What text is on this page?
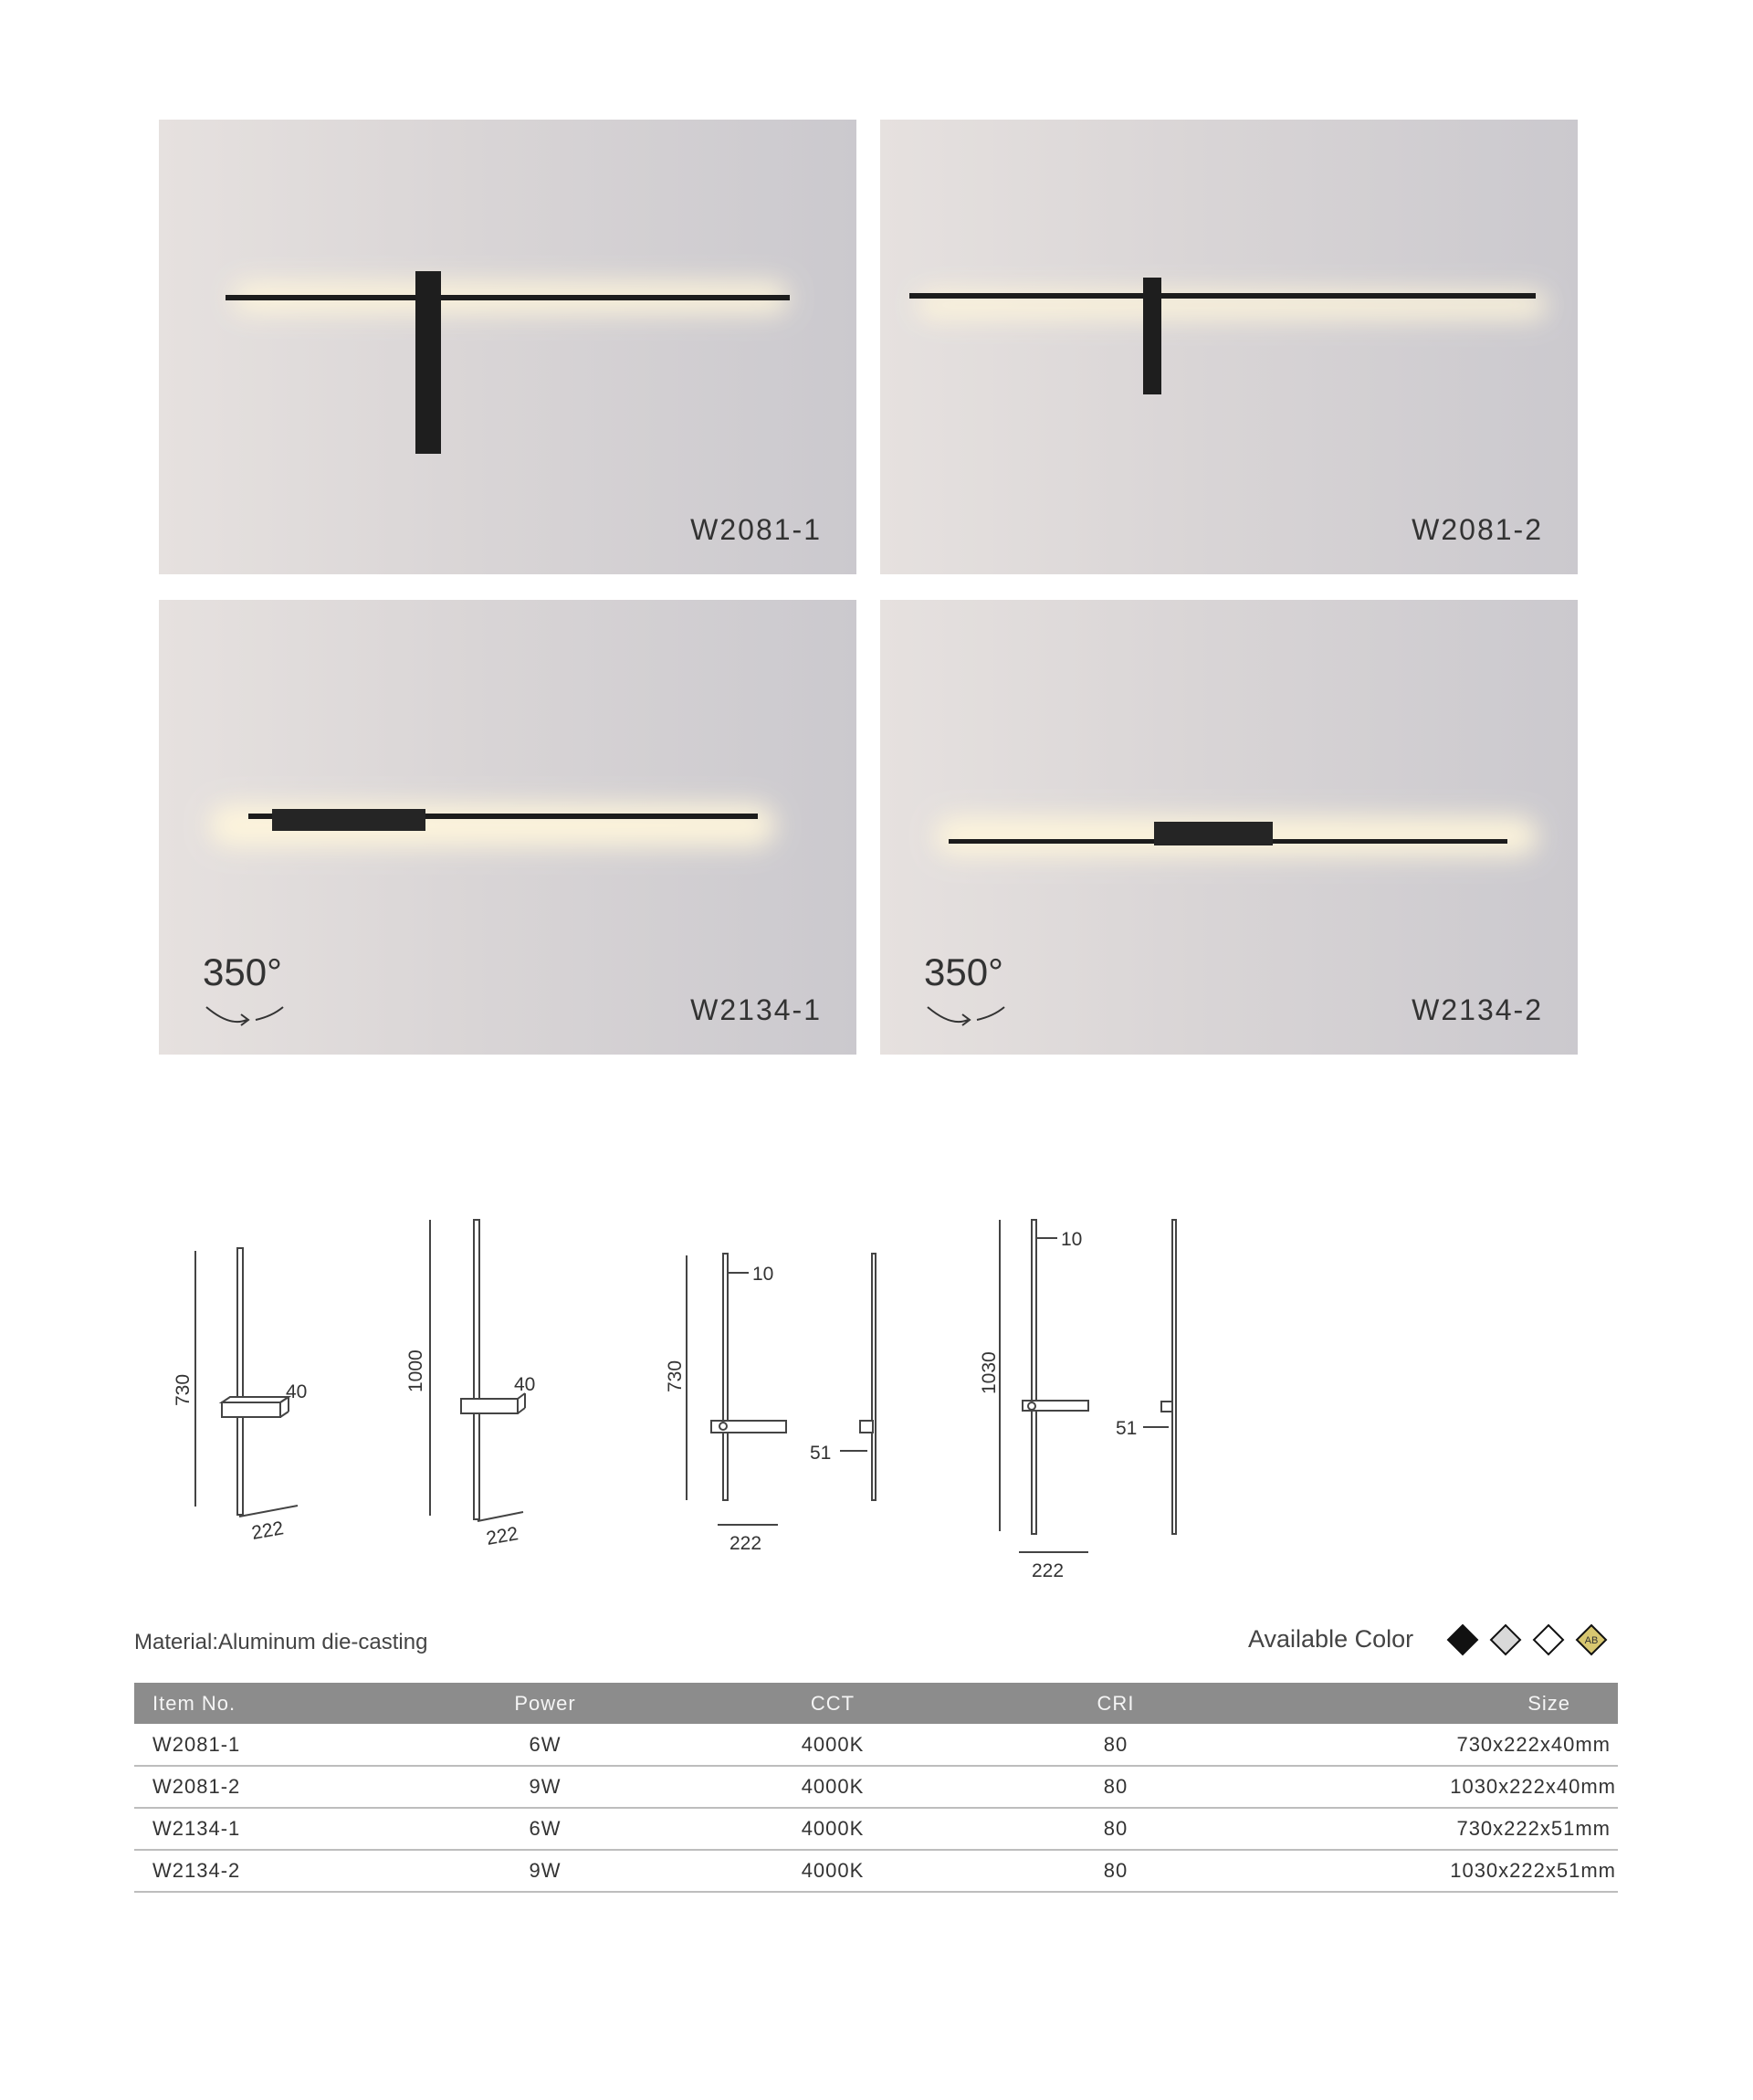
W2081-1	W2081-2
350°
W2134-1
350°
W2134-2
730	40
222
1000	40
222
730
10
222
51
1030
10
222
51
Material:Aluminum die-casting	Available Color	AB
Item No.	Power	CCT	CRI	Size
W2081-1	6W	4000K	80	730x222x40mm
W2081-2	9W	4000K	80	1030x222x40mm
W2134-1	6W	4000K	80	730x222x51mm
W2134-2	9W	4000K	80	1030x222x51mm
